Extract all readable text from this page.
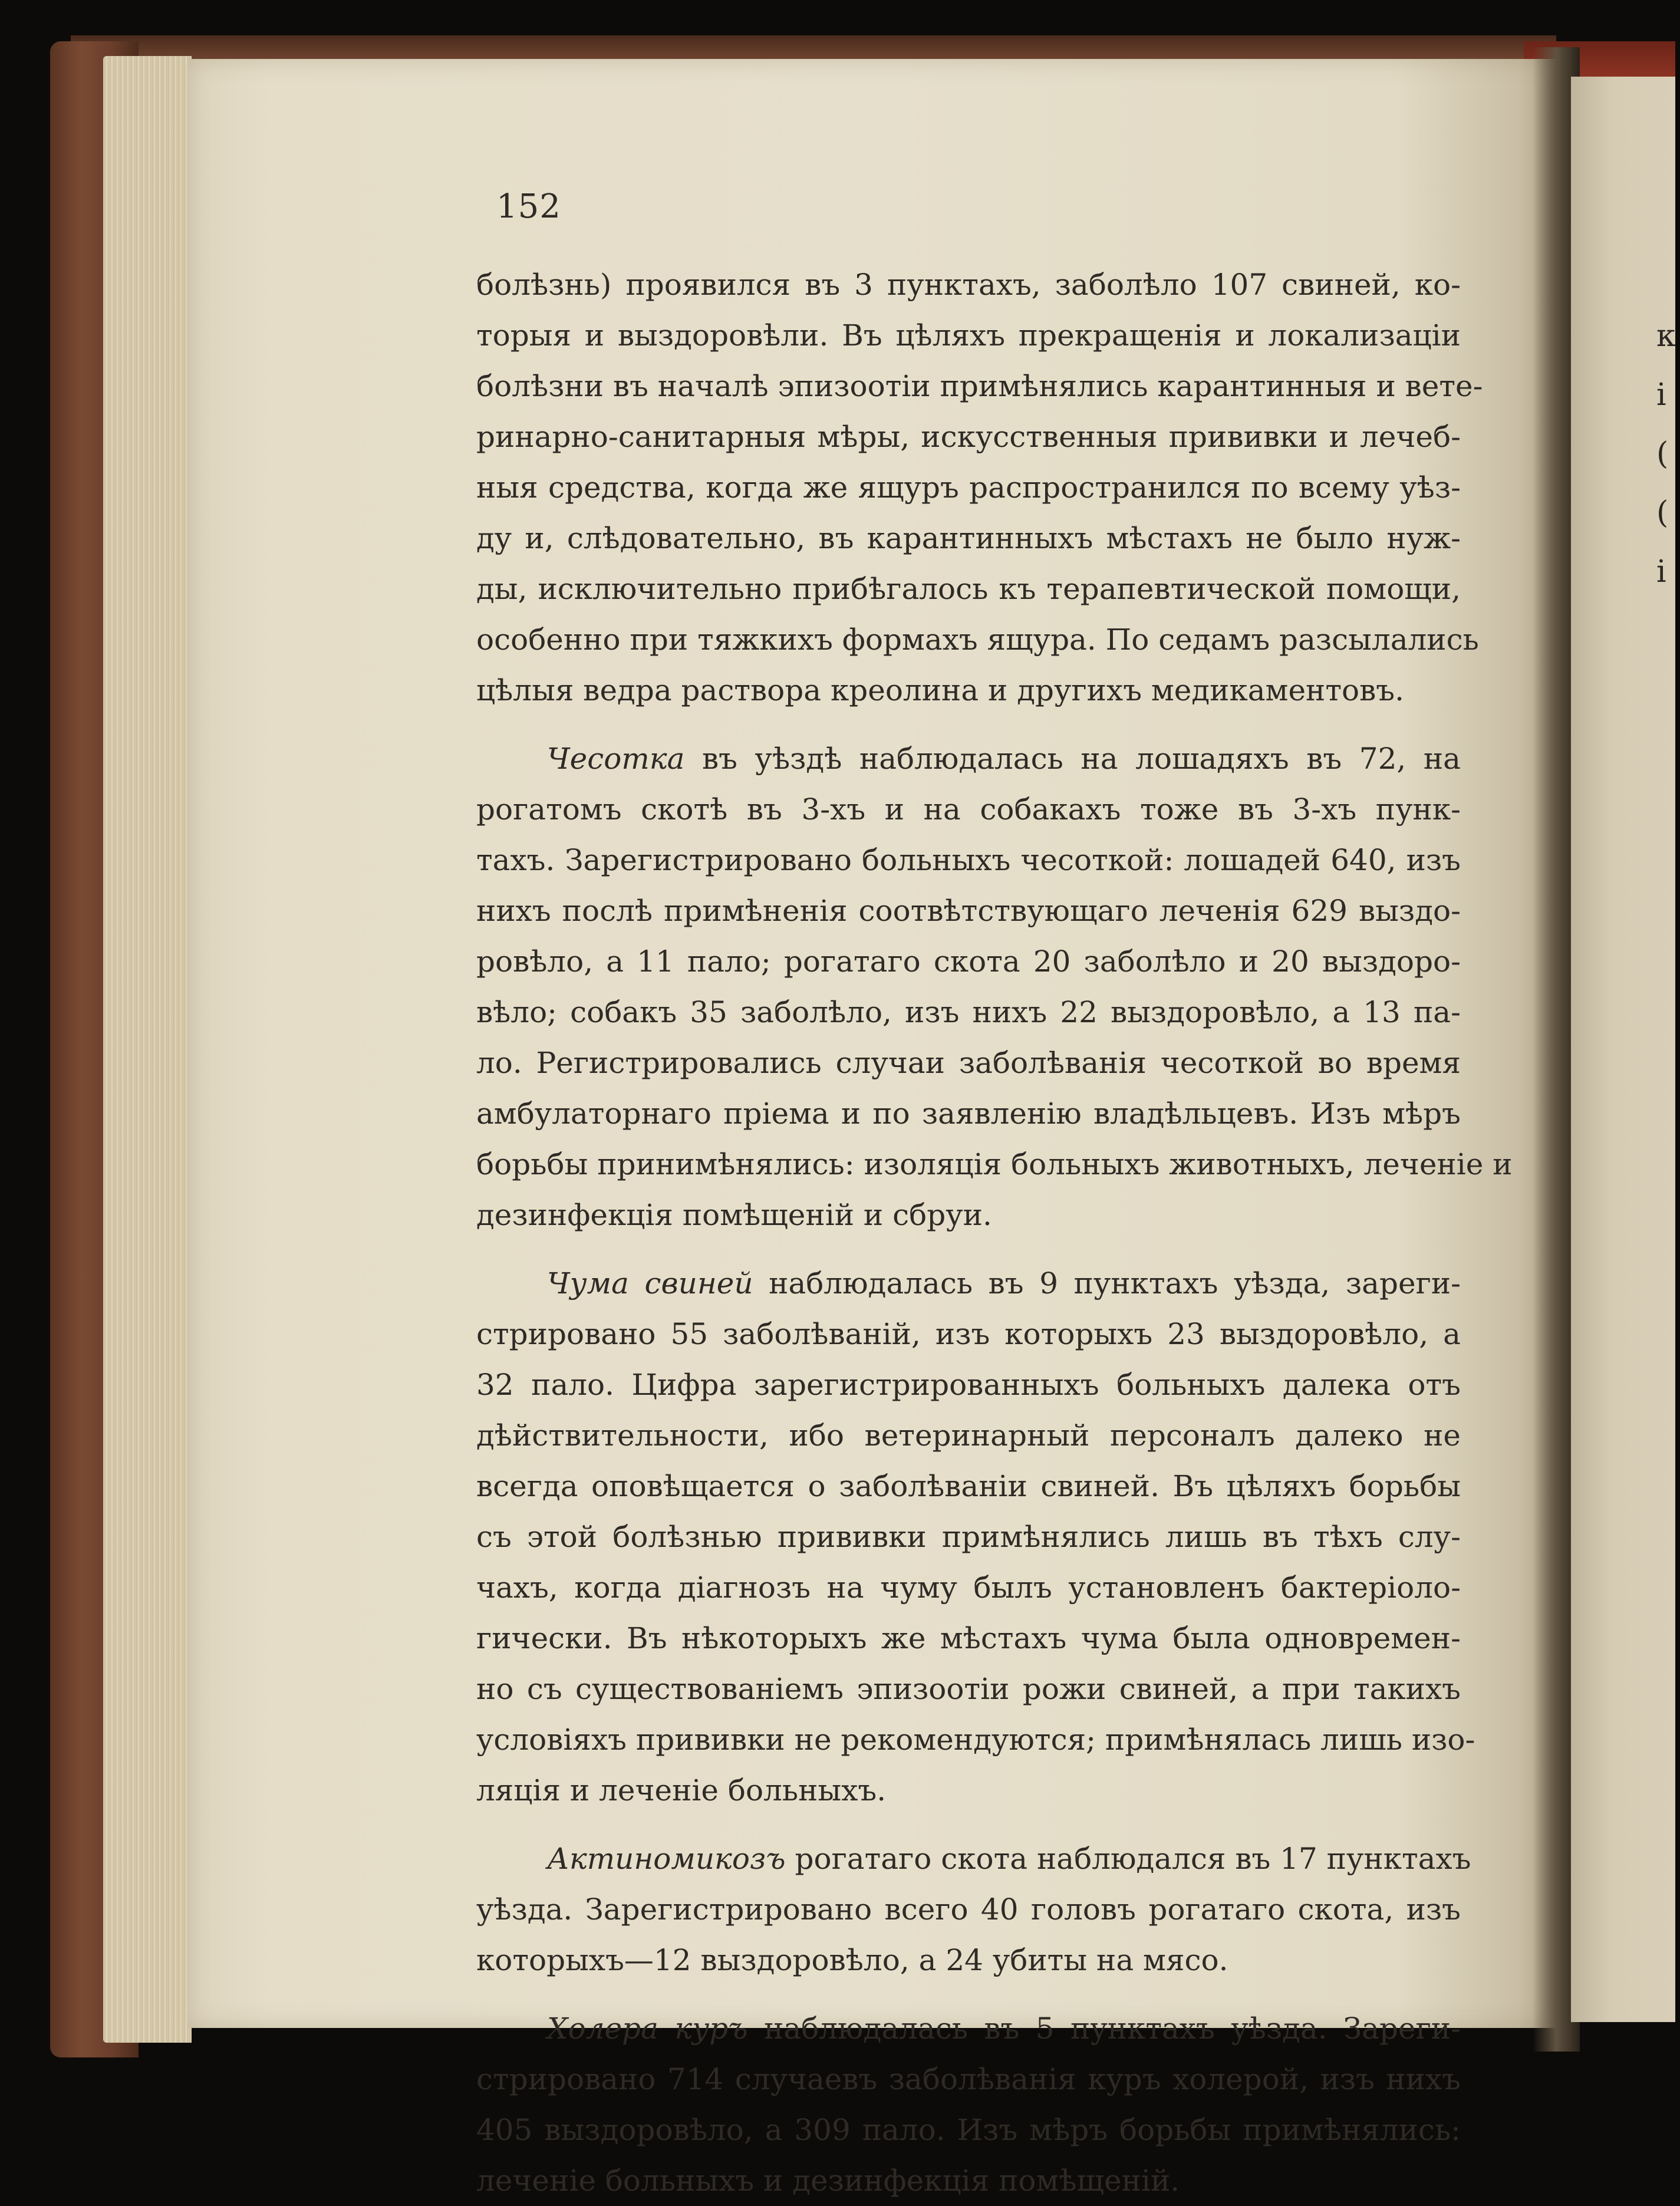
к
і
(
(
і
152
болѣзнь) проявился въ 3 пунктахъ, заболѣло 107 свиней, ко-
торыя и выздоровѣли. Въ цѣляхъ прекращенія и локализаціи
болѣзни въ началѣ эпизоотіи примѣнялись карантинныя и вете-
ринарно-санитарныя мѣры, искусственныя прививки и лечеб-
ныя средства, когда же ящуръ распространился по всему уѣз-
ду и, слѣдовательно, въ карантинныхъ мѣстахъ не было нуж-
ды, исключительно прибѣгалось къ терапевтической помощи,
особенно при тяжкихъ формахъ ящура. По седамъ разсылались
цѣлыя ведра раствора креолина и другихъ медикаментовъ.
Чесотка въ уѣздѣ наблюдалась на лошадяхъ въ 72, на
рогатомъ скотѣ въ 3-хъ и на собакахъ тоже въ 3-хъ пунк-
тахъ. Зарегистрировано больныхъ чесоткой: лошадей 640, изъ
нихъ послѣ примѣненія соотвѣтствующаго леченія 629 выздо-
ровѣло, а 11 пало; рогатаго скота 20 заболѣло и 20 выздоро-
вѣло; собакъ 35 заболѣло, изъ нихъ 22 выздоровѣло, а 13 па-
ло. Регистрировались случаи заболѣванія чесоткой во время
амбулаторнаго пріема и по заявленію владѣльцевъ. Изъ мѣръ
борьбы принимѣнялись: изоляція больныхъ животныхъ, леченіе и
дезинфекція помѣщеній и сбруи.
Чума свиней наблюдалась въ 9 пунктахъ уѣзда, зареги-
стрировано 55 заболѣваній, изъ которыхъ 23 выздоровѣло, а
32 пало. Цифра зарегистрированныхъ больныхъ далека отъ
дѣйствительности, ибо ветеринарный персоналъ далеко не
всегда оповѣщается о заболѣваніи свиней. Въ цѣляхъ борьбы
съ этой болѣзнью прививки примѣнялись лишь въ тѣхъ слу-
чахъ, когда діагнозъ на чуму былъ установленъ бактеріоло-
гически. Въ нѣкоторыхъ же мѣстахъ чума была одновремен-
но съ существованіемъ эпизоотіи рожи свиней, а при такихъ
условіяхъ прививки не рекомендуются; примѣнялась лишь изо-
ляція и леченіе больныхъ.
Актиномикозъ рогатаго скота наблюдался въ 17 пунктахъ
уѣзда. Зарегистрировано всего 40 головъ рогатаго скота, изъ
которыхъ—12 выздоровѣло, а 24 убиты на мясо.
Холера куръ наблюдалась въ 5 пунктахъ уѣзда. Зареги-
стрировано 714 случаевъ заболѣванія куръ холерой, изъ нихъ
405 выздоровѣло, а 309 пало. Изъ мѣръ борьбы примѣнялись:
леченіе больныхъ и дезинфекція помѣщеній.
